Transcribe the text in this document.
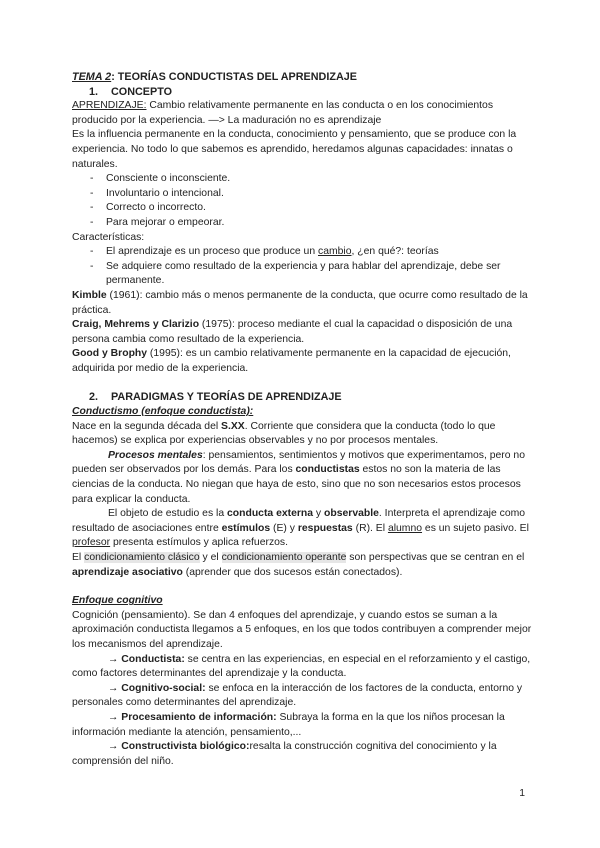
TEMA 2: TEORÍAS CONDUCTISTAS DEL APRENDIZAJE
1. CONCEPTO

APRENDIZAJE: Cambio relativamente permanente en las conducta o en los conocimientos producido por la experiencia. —> La maduración no es aprendizaje

Es la influencia permanente en la conducta, conocimiento y pensamiento, que se produce con la experiencia. No todo lo que sabemos es aprendido, heredamos algunas capacidades: innatas o naturales.

- Consciente o inconsciente.
- Involuntario o intencional.
- Correcto o incorrecto.
- Para mejorar o empeorar.

Características:

- El aprendizaje es un proceso que produce un cambio, ¿en qué?: teorías
- Se adquiere como resultado de la experiencia y para hablar del aprendizaje, debe ser permanente.

Kimble (1961): cambio más o menos permanente de la conducta, que ocurre como resultado de la práctica.

Craig, Mehrems y Clarizio (1975): proceso mediante el cual la capacidad o disposición de una persona cambia como resultado de la experiencia.

Good y Brophy (1995): es un cambio relativamente permanente en la capacidad de ejecución, adquirida por medio de la experiencia.

2. PARADIGMAS Y TEORÍAS DE APRENDIZAJE
Conductismo (enfoque conductista):

Nace en la segunda década del S.XX. Corriente que considera que la conducta (todo lo que hacemos) se explica por experiencias observables y no por procesos mentales.

Procesos mentales: pensamientos, sentimientos y motivos que experimentamos, pero no pueden ser observados por los demás. Para los conductistas estos no son la materia de las ciencias de la conducta. No niegan que haya de esto, sino que no son necesarios estos procesos para explicar la conducta.

El objeto de estudio es la conducta externa y observable. Interpreta el aprendizaje como resultado de asociaciones entre estímulos (E) y respuestas (R). El alumno es un sujeto pasivo. El profesor presenta estímulos y aplica refuerzos.

El condicionamiento clásico y el condicionamiento operante son perspectivas que se centran en el aprendizaje asociativo (aprender que dos sucesos están conectados).

Enfoque cognitivo

Cognición (pensamiento). Se dan 4 enfoques del aprendizaje, y cuando estos se suman a la aproximación conductista llegamos a 5 enfoques, en los que todos contribuyen a comprender mejor los mecanismos del aprendizaje.

→ Conductista: se centra en las experiencias, en especial en el reforzamiento y el castigo, como factores determinantes del aprendizaje y la conducta.

→ Cognitivo-social: se enfoca en la interacción de los factores de la conducta, entorno y personales como determinantes del aprendizaje.

→ Procesamiento de información: Subraya la forma en la que los niños procesan la información mediante la atención, pensamiento,...

→ Constructivista biológico:resalta la construcción cognitiva del conocimiento y la comprensión del niño.

1
